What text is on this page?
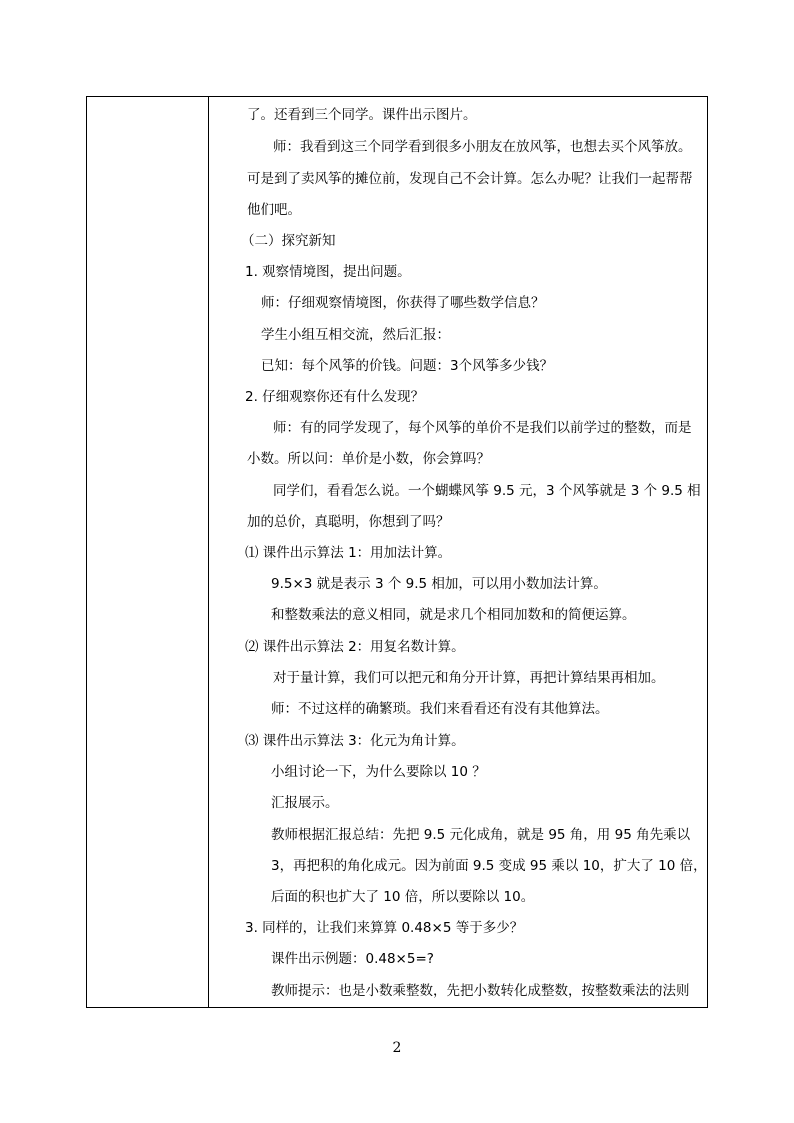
了。还看到三个同学。课件出示图片。
师：我看到这三个同学看到很多小朋友在放风筝，也想去买个风筝放。
可是到了卖风筝的摊位前，发现自己不会计算。怎么办呢？让我们一起帮帮
他们吧。
（二）探究新知
1. 观察情境图，提出问题。
师：仔细观察情境图，你获得了哪些数学信息？
学生小组互相交流，然后汇报：
已知：每个风筝的价钱。问题：3个风筝多少钱？
2. 仔细观察你还有什么发现？
师：有的同学发现了，每个风筝的单价不是我们以前学过的整数，而是
小数。所以问：单价是小数，你会算吗？
同学们，看看怎么说。一个蝴蝶风筝 9.5 元，3 个风筝就是 3 个 9.5 相
加的总价，真聪明，你想到了吗？
⑴ 课件出示算法 1：用加法计算。
9.5×3 就是表示 3 个 9.5 相加，可以用小数加法计算。
和整数乘法的意义相同，就是求几个相同加数和的简便运算。
⑵ 课件出示算法 2：用复名数计算。
对于量计算，我们可以把元和角分开计算，再把计算结果再相加。
师：不过这样的确繁琐。我们来看看还有没有其他算法。
⑶ 课件出示算法 3：化元为角计算。
小组讨论一下，为什么要除以 10 ？
汇报展示。
教师根据汇报总结：先把 9.5 元化成角，就是 95 角，用 95 角先乘以
3，再把积的角化成元。因为前面 9.5 变成 95 乘以 10，扩大了 10 倍，
后面的积也扩大了 10 倍，所以要除以 10。
3. 同样的，让我们来算算 0.48×5 等于多少？
课件出示例题：0.48×5=?
教师提示：也是小数乘整数，先把小数转化成整数，按整数乘法的法则
2
